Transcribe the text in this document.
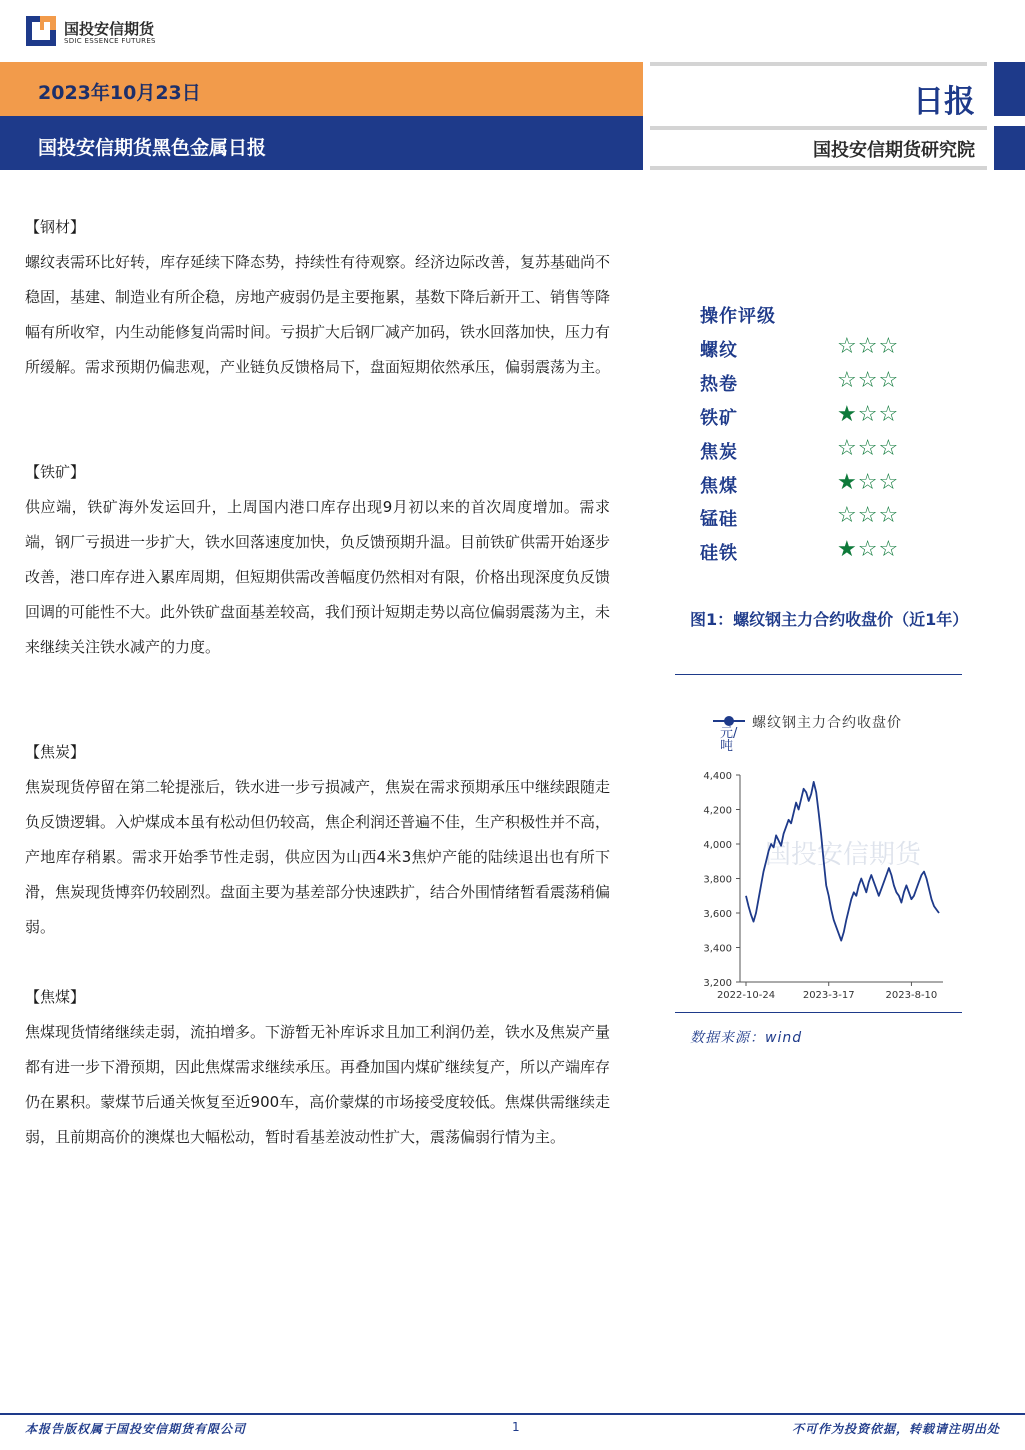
国投安信期货
SDIC ESSENCE FUTURES
2023年10月23日
国投安信期货黑色金属日报
日报
国投安信期货研究院
【钢材】
螺纹表需环比好转，库存延续下降态势，持续性有待观察。经济边际改善，复苏基础尚不稳固，基建、制造业有所企稳，房地产疲弱仍是主要拖累，基数下降后新开工、销售等降幅有所收窄，内生动能修复尚需时间。亏损扩大后钢厂减产加码，铁水回落加快，压力有所缓解。需求预期仍偏悲观，产业链负反馈格局下，盘面短期依然承压，偏弱震荡为主。
【铁矿】
供应端，铁矿海外发运回升，上周国内港口库存出现9月初以来的首次周度增加。需求端，钢厂亏损进一步扩大，铁水回落速度加快，负反馈预期升温。目前铁矿供需开始逐步改善，港口库存进入累库周期，但短期供需改善幅度仍然相对有限，价格出现深度负反馈回调的可能性不大。此外铁矿盘面基差较高，我们预计短期走势以高位偏弱震荡为主，未来继续关注铁水减产的力度。
【焦炭】
焦炭现货停留在第二轮提涨后，铁水进一步亏损减产，焦炭在需求预期承压中继续跟随走负反馈逻辑。入炉煤成本虽有松动但仍较高，焦企利润还普遍不佳，生产积极性并不高，产地库存稍累。需求开始季节性走弱，供应因为山西4米3焦炉产能的陆续退出也有所下滑，焦炭现货博弈仍较剧烈。盘面主要为基差部分快速跌扩，结合外围情绪暂看震荡稍偏弱。
【焦煤】
焦煤现货情绪继续走弱，流拍增多。下游暂无补库诉求且加工利润仍差，铁水及焦炭产量都有进一步下滑预期，因此焦煤需求继续承压。再叠加国内煤矿继续复产，所以产端库存仍在累积。蒙煤节后通关恢复至近900车，高价蒙煤的市场接受度较低。焦煤供需继续走弱，且前期高价的澳煤也大幅松动，暂时看基差波动性扩大，震荡偏弱行情为主。
操作评级
螺纹	☆☆☆
热卷	☆☆☆
铁矿	★☆☆
焦炭	☆☆☆
焦煤	★☆☆
锰硅	☆☆☆
硅铁	★☆☆
图1：螺纹钢主力合约收盘价（近1年）
国投安信期货
3,200
3,400
3,600
3,800
4,000
4,200
4,400
2022-10-24	2023-3-17	2023-8-10
螺纹钢主力合约收盘价
元/吨
数据来源：wind
本报告版权属于国投安信期货有限公司	1	不可作为投资依据，转载请注明出处
